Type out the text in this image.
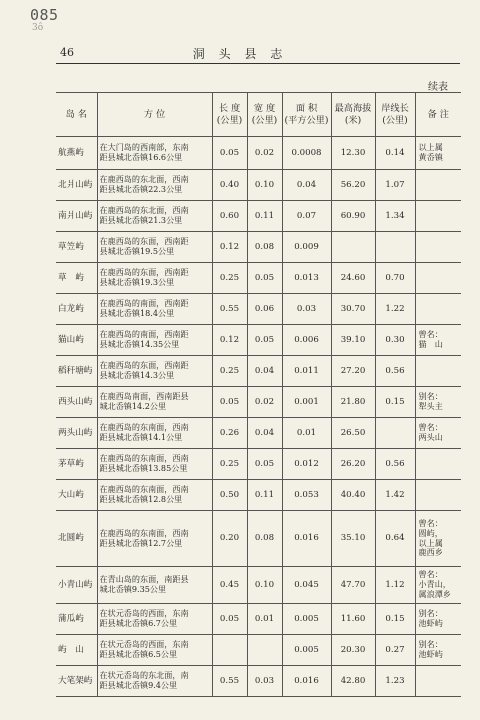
085
3ô
46	洞 头 县 志
续表
岛 名	方 位	长 度
(公里)	宽 度
(公里)	面 积
(平方公里)	最高海拔
(米)	岸线长
(公里)	备 注
航燕屿	在大门岛的西南部，东南
距县城北岙镇16.6公里	0.05	0.02	0.0008	12.30	0.14	以上属
黄岙镇

北爿山屿	在鹿西岛的东北面，西南
距县城北岙镇22.3公里	0.40	0.10	0.04	56.20	1.07	
南爿山屿	在鹿西岛的东北面，西南
距县城北岙镇21.3公里	0.60	0.11	0.07	60.90	1.34	
草笠屿	在鹿西岛的东面，西南距
县城北岙镇19.5公里	0.12	0.08	0.009			
草　屿	在鹿西岛的东面，西南距
县城北岙镇19.3公里	0.25	0.05	0.013	24.60	0.70	
白龙屿	在鹿西岛的南面，西南距
县城北岙镇18.4公里	0.55	0.06	0.03	30.70	1.22	
猫山屿	在鹿西岛的南面，西南距
县城北岙镇14.35公里	0.12	0.05	0.006	39.10	0.30	曾名：
猫　山

稻秆塘屿	在鹿西岛的东面，西南距
县城北岙镇14.3公里	0.25	0.04	0.011	27.20	0.56	
西头山屿	在鹿西岛南面，西南距县
城北岙镇14.2公里	0.05	0.02	0.001	21.80	0.15	别名：
犁头主

两头山屿	在鹿西岛的东南面，西南
距县城北岙镇14.1公里	0.26	0.04	0.01	26.50		曾名：
两头山

茅草屿	在鹿西岛的东南面，西南
距县城北岙镇13.85公里	0.25	0.05	0.012	26.20	0.56	
大山屿	在鹿西岛的东南面，西南
距县城北岙镇12.8公里	0.50	0.11	0.053	40.40	1.42	
北圆屿	在鹿西岛的东南面，西南
距县城北岙镇12.7公里	0.20	0.08	0.016	35.10	0.64	曾名：
圆屿，
以上属
鹿西乡

小青山屿	在青山岛的东面，南距县
城北岙镇9.35公里	0.45	0.10	0.045	47.70	1.12	曾名：
小青山，
属浪潭乡

蒲瓜屿	在状元岙岛的西面，东南
距县城北岙镇6.7公里	0.05	0.01	0.005	11.60	0.15	别名：
池虾屿

屿　山	在状元岙岛的西面，东南
距县城北岙镇6.5公里			0.005	20.30	0.27	别名：
池虾屿

大笔架屿	在状元岙岛的东北面，南
距县城北岙镇9.4公里	0.55	0.03	0.016	42.80	1.23	
